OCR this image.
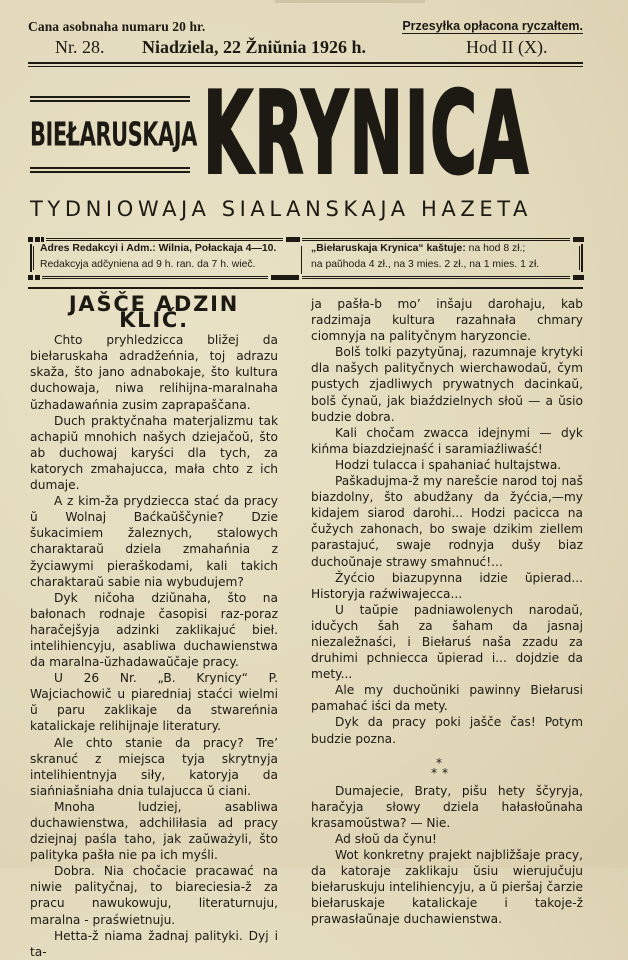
Cana asobnaha numaru 20 hr.	Przesyłka opłacona ryczałtem.
Nr. 28. Niadziela, 22 Žniŭnia 1926 h.	Hod II (X).
BIEŁARUSKAJA KRYNICA
TYDNIOWAJA SIALANSKAJA HAZETA
Adres Redakcyi i Adm.: Wilnia, Połackaja 4—10.
Redakcyja adčyniena ad 9 h. ran. da 7 h. wieč.
„Biełaruskaja Krynica“ kaštuje: na hod 8 zł.;
na paŭhoda 4 zł., na 3 mies. 2 zł., na 1 mies. 1 zł.
JAŠČE ADZIN KLIČ.

Chto pryhledzicca bližej da biełaruskaha adradžeńnia, toj adrazu skaža, što jano adnabokaje, što kultura duchowaja, niwa relihijna-maralnaha ŭzhadawańnia zusim zaprapaščana.

Duch praktyčnaha materjalizmu tak achapiŭ mnohich našych dziejačoŭ, što ab duchowaj karyści dla tych, za katorych zmahajucca, mała chto z ich dumaje.

A z kim-ža prydziecca stać da pracy ŭ Wolnaj Baćkaŭščynie? Dzie šukacimiem žaleznych, stalowych charaktaraŭ dziela zmahańnia z žyciawymi pieraškodami, kali takich charaktaraŭ sabie nia wybudujem?

Dyk ničoha dziŭnaha, što na bałonach rodnaje časopisi raz-poraz haračejšyja adzinki zaklikajuć bieł. intelihiencyju, asabliwa duchawienstwa da maralna-ŭzhadawaŭčaje pracy.

U 26 Nr. „B. Krynicy“ P. Wajciachowič u piaredniaj staćci wielmi ŭ paru zaklikaje da stwareńnia katalickaje relihijnaje literatury.

Ale chto stanie da pracy? Tre’ skranuć z miejsca tyja skrytnyja intelihientnyja siły, katoryja da siańniašniaha dnia tulajucca ŭ ciani.

Mnoha ludziej, asabliwa duchawienstwa, adchiliłasia ad pracy dziejnaj paśla taho, jak zaŭważyli, što palityka pašła nie pa ich myśli.

Dobra. Nia chočacie pracawać na niwie palityčnaj, to biareciesia-ž za pracu nawukowuju, literaturnuju, maralna - praświetnuju.

Hetta-ž niama žadnaj palityki. Dyj i ta-

ja pašła-b mo’ inšaju darohaju, kab radzimaja kultura razahnała chmary ciomnyja na palityčnym haryzoncie.

Bolš tolki pazytyŭnaj, razumnaje krytyki dla našych palityčnych wierchawodaŭ, čym pustych zjadliwych prywatnych dacinkaŭ, bolš čynaŭ, jak biaździelnych słoŭ — a ŭsio budzie dobra.

Kali chočam zwacca idejnymi — dyk kińma biazdziejnaść i saramiaźliwaść!

Hodzi tulacca i spahaniać hultajstwa.

Paškadujma-ž my narešcie narod toj naš biazdolny, što abudžany da žyćcia,—my kidajem siarod darohi... Hodzi pacicca na čužych zahonach, bo swaje dzikim ziellem parastajuć, swaje rodnyja dušy biaz duchoŭnaje strawy smahnuć!...

Žyćcio biazupynna idzie ŭpierad... Historyja raźwiwajecca...

U taŭpie padniawolenych narodaŭ, idučych šah za šaham da jasnaj niezaležnaści, i Biełaruś naša zzadu za druhimi pchniecca ŭpierad i... dojdzie da mety...

Ale my duchoŭniki pawinny Biełarusi pamahać iści da mety.

Dyk da pracy poki jašče čas! Potym budzie pozna.

*
* *

Dumajecie, Braty, pišu hety ščyryja, haračyja słowy dziela hałasłoŭnaha krasamoŭstwa? — Nie.

Ad słoŭ da čynu!

Wot konkretny prajekt najbližšaje pracy, da katoraje zaklikaju ŭsiu wierujučuju biełaruskuju intelihiencyju, a ŭ pieršaj čarzie biełaruskaje katalickaje i takoje-ž prawasłaŭnaje duchawienstwa.
